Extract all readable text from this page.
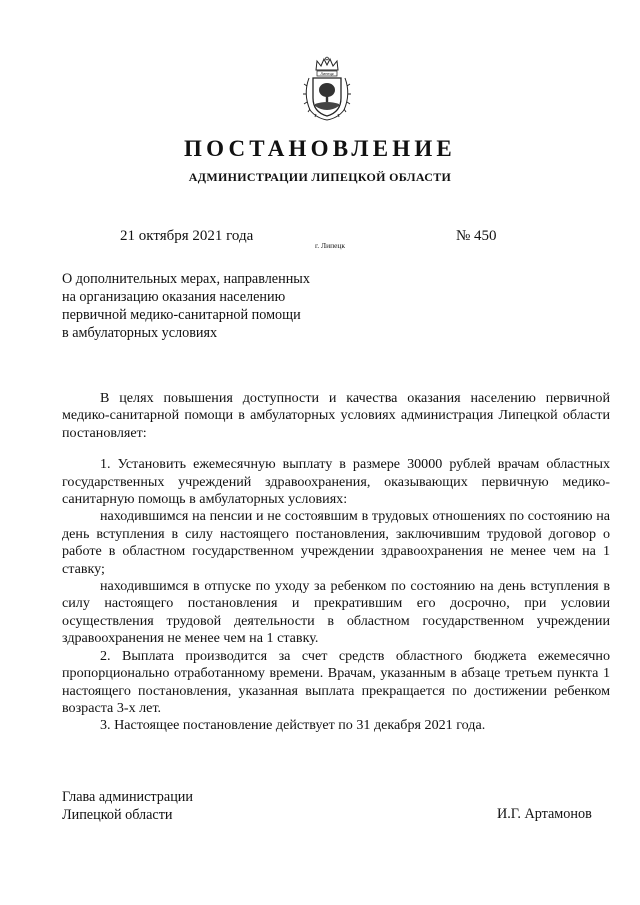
Липецк
ПОСТАНОВЛЕНИЕ
АДМИНИСТРАЦИИ ЛИПЕЦКОЙ ОБЛАСТИ
21 октября 2021 года
г. Липецк
№ 450
О дополнительных мерах, направленных
на организацию оказания населению
первичной медико-санитарной помощи
в амбулаторных условиях

В целях повышения доступности и качества оказания населению первичной медико-санитарной помощи в амбулаторных условиях администрация Липецкой области постановляет:

1. Установить ежемесячную выплату в размере 30000 рублей врачам областных государственных учреждений здравоохранения, оказывающих первичную медико-санитарную помощь в амбулаторных условиях:

находившимся на пенсии и не состоявшим в трудовых отношениях по состоянию на день вступления в силу настоящего постановления, заключившим трудовой договор о работе в областном государственном учреждении здравоохранения не менее чем на 1 ставку;

находившимся в отпуске по уходу за ребенком по состоянию на день вступления в силу настоящего постановления и прекратившим его досрочно, при условии осуществления трудовой деятельности в областном государственном учреждении здравоохранения не менее чем на 1 ставку.

2. Выплата производится за счет средств областного бюджета ежемесячно пропорционально отработанному времени. Врачам, указанным в абзаце третьем пункта 1 настоящего постановления, указанная выплата прекращается по достижении ребенком возраста 3-х лет.

3. Настоящее постановление действует по 31 декабря 2021 года.

Глава администрации
Липецкой области	И.Г. Артамонов
